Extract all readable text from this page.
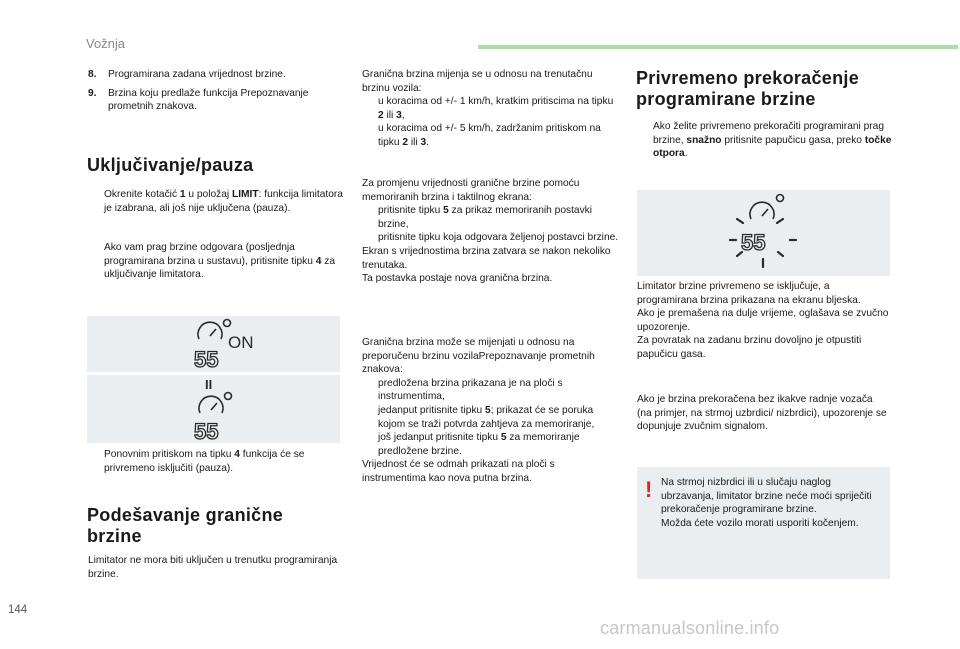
Vožnja
8.	Programirana zadana vrijednost brzine.
9.	Brzina koju predlaže funkcija Prepoznavanje prometnih znakova.
Uključivanje/pauza
Okrenite kotačić 1 u položaj LIMIT: funkcija limitatora je izabrana, ali još nije uključena (pauza).
Ako vam prag brzine odgovara (posljednja programirana brzina u sustavu), pritisnite tipku 4 za uključivanje limitatora.
55
ON
II
55
Ponovnim pritiskom na tipku 4 funkcija će se privremeno isključiti (pauza).
Podešavanje granične brzine
Limitator ne mora biti uključen u trenutku programiranja brzine.
Granična brzina mijenja se u odnosu na trenutačnu brzinu vozila:
u koracima od +/- 1 km/h, kratkim pritiscima na tipku 2 ili 3,
u koracima od +/- 5 km/h, zadržanim pritiskom na tipku 2 ili 3.
Za promjenu vrijednosti granične brzine pomoću memoriranih brzina i taktilnog ekrana:
pritisnite tipku 5 za prikaz memoriranih postavki brzine,
pritisnite tipku koja odgovara željenoj postavci brzine.
Ekran s vrijednostima brzina zatvara se nakon nekoliko trenutaka.
Ta postavka postaje nova granična brzina.
Granična brzina može se mijenjati u odnosu na preporučenu brzinu vozilaPrepoznavanje prometnih znakova:
predložena brzina prikazana je na ploči s instrumentima,
jedanput pritisnite tipku 5; prikazat će se poruka kojom se traži potvrda zahtjeva za memoriranje,
još jedanput pritisnite tipku 5 za memoriranje predložene brzine.
Vrijednost će se odmah prikazati na ploči s instrumentima kao nova putna brzina.
Privremeno prekoračenje programirane brzine
Ako želite privremeno prekoračiti programirani prag brzine, snažno pritisnite papučicu gasa, preko točke otpora.
55
Limitator brzine privremeno se isključuje, a programirana brzina prikazana na ekranu bljeska.
Ako je premašena na dulje vrijeme, oglašava se zvučno upozorenje.
Za povratak na zadanu brzinu dovoljno je otpustiti papučicu gasa.
Ako je brzina prekoračena bez ikakve radnje vozača (na primjer, na strmoj uzbrdici/ nizbrdici), upozorenje se dopunjuje zvučnim signalom.
! Na strmoj nizbrdici ili u slučaju naglog ubrzavanja, limitator brzine neće moći spriječiti prekoračenje programirane brzine.
Možda ćete vozilo morati usporiti kočenjem.
144
carmanualsonline.info
